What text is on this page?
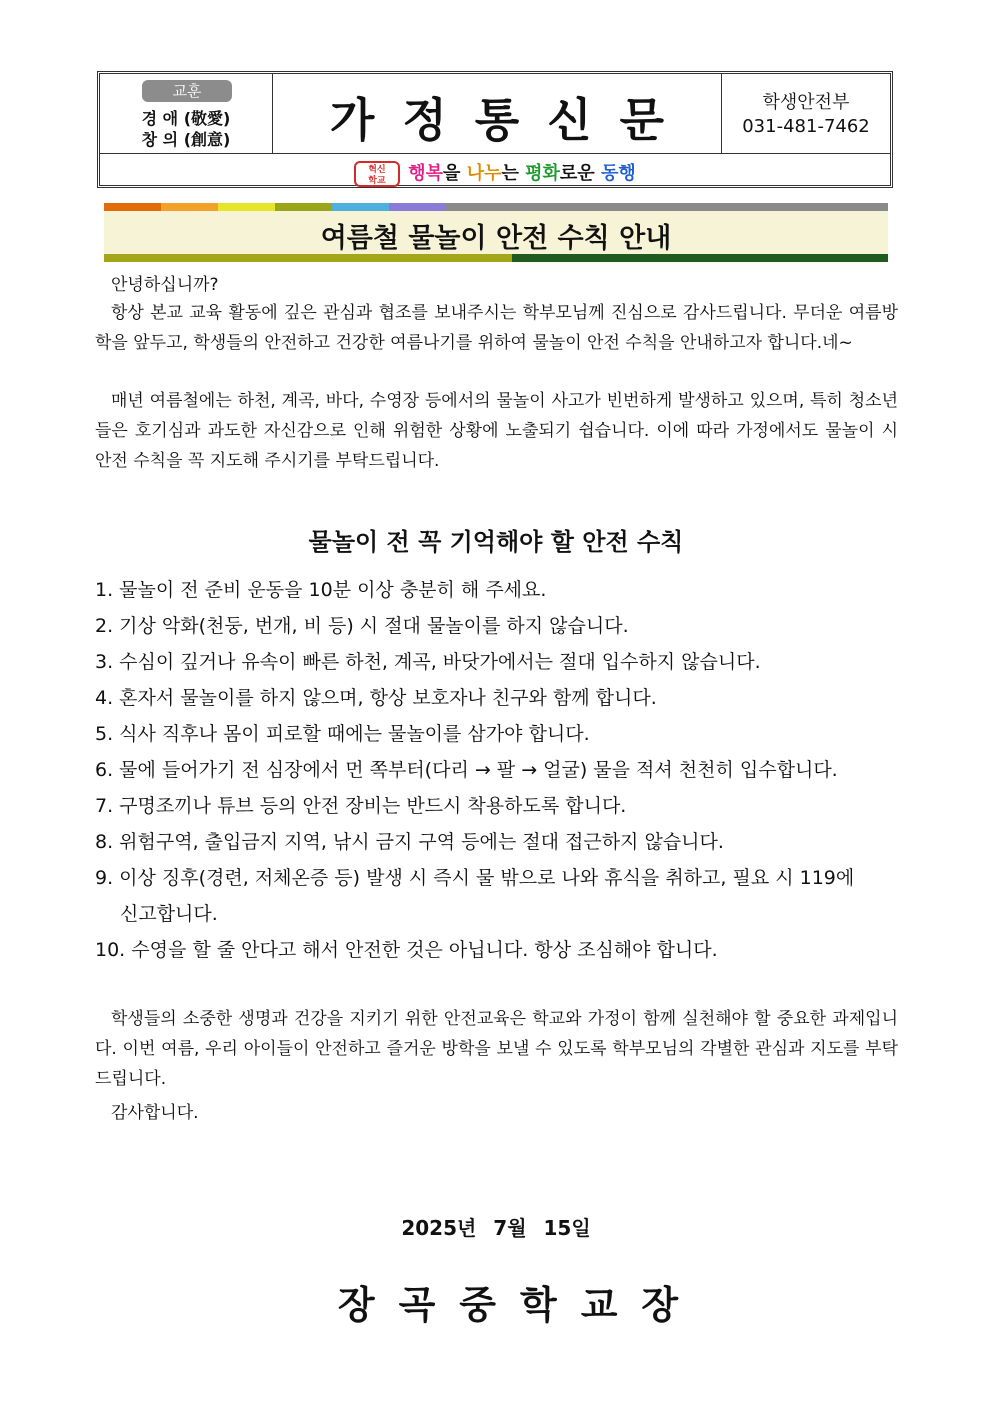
교훈
경 애 (敬愛)
창 의 (創意)	가정통신문	학생안전부
031-481-7462
혁신
학교 행복을 나누는 평화로운 동행
여름철 물놀이 안전 수칙 안내
안녕하십니까?
항상 본교 교육 활동에 깊은 관심과 협조를 보내주시는 학부모님께 진심으로 감사드립니다. 무더운 여름방학을 앞두고, 학생들의 안전하고 건강한 여름나기를 위하여 물놀이 안전 수칙을 안내하고자 합니다.네~
매년 여름철에는 하천, 계곡, 바다, 수영장 등에서의 물놀이 사고가 빈번하게 발생하고 있으며, 특히 청소년들은 호기심과 과도한 자신감으로 인해 위험한 상황에 노출되기 쉽습니다. 이에 따라 가정에서도 물놀이 시 안전 수칙을 꼭 지도해 주시기를 부탁드립니다.
물놀이 전 꼭 기억해야 할 안전 수칙
1. 물놀이 전 준비 운동을 10분 이상 충분히 해 주세요.
2. 기상 악화(천둥, 번개, 비 등) 시 절대 물놀이를 하지 않습니다.
3. 수심이 깊거나 유속이 빠른 하천, 계곡, 바닷가에서는 절대 입수하지 않습니다.
4. 혼자서 물놀이를 하지 않으며, 항상 보호자나 친구와 함께 합니다.
5. 식사 직후나 몸이 피로할 때에는 물놀이를 삼가야 합니다.
6. 물에 들어가기 전 심장에서 먼 쪽부터(다리 → 팔 → 얼굴) 물을 적셔 천천히 입수합니다.
7. 구명조끼나 튜브 등의 안전 장비는 반드시 착용하도록 합니다.
8. 위험구역, 출입금지 지역, 낚시 금지 구역 등에는 절대 접근하지 않습니다.
9. 이상 징후(경련, 저체온증 등) 발생 시 즉시 물 밖으로 나와 휴식을 취하고, 필요 시 119에
신고합니다.
10. 수영을 할 줄 안다고 해서 안전한 것은 아닙니다. 항상 조심해야 합니다.
학생들의 소중한 생명과 건강을 지키기 위한 안전교육은 학교와 가정이 함께 실천해야 할 중요한 과제입니다. 이번 여름, 우리 아이들이 안전하고 즐거운 방학을 보낼 수 있도록 학부모님의 각별한 관심과 지도를 부탁드립니다.
감사합니다.
2025년 7월 15일
장곡중학교장
